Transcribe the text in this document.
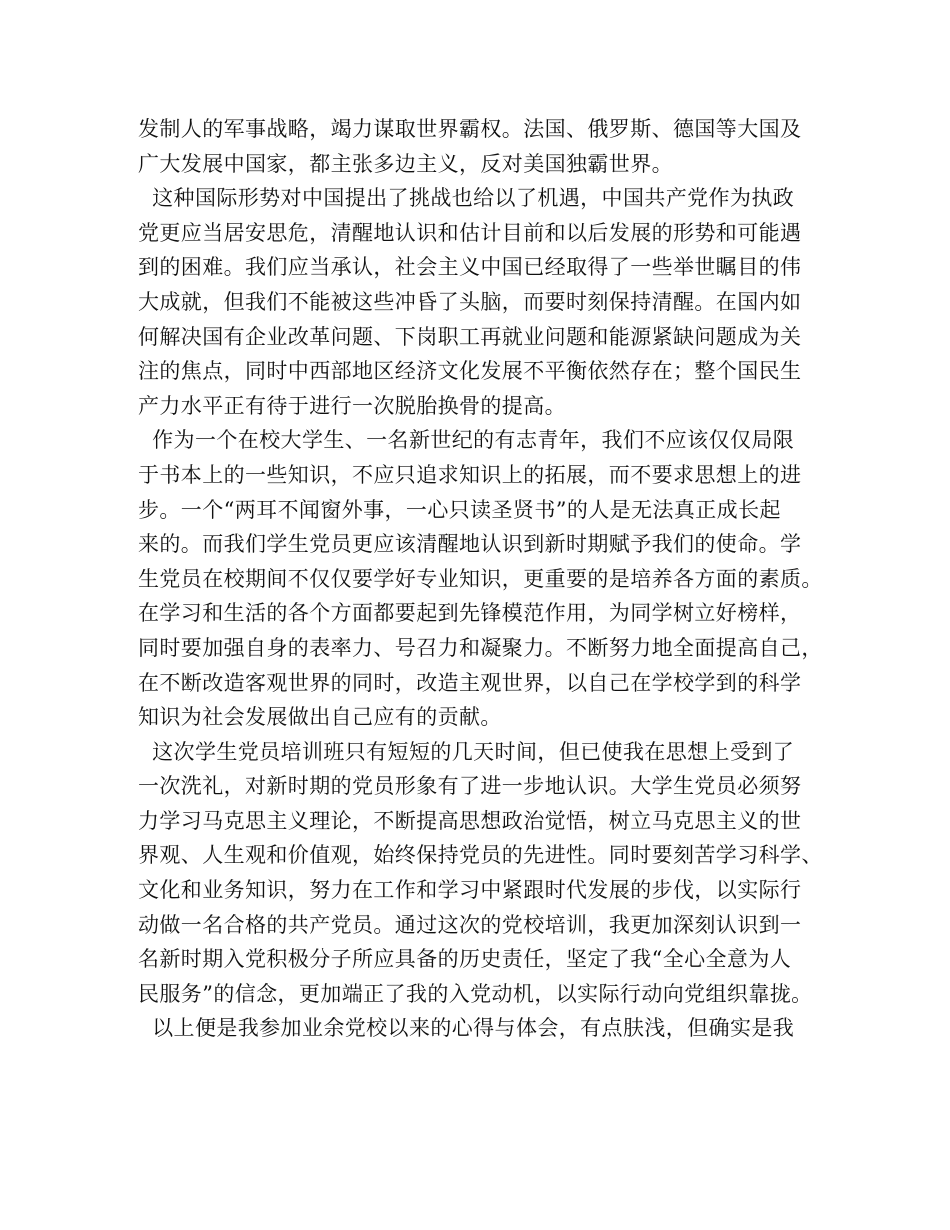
发制人的军事战略，竭力谋取世界霸权。法国、俄罗斯、德国等大国及
广大发展中国家，都主张多边主义，反对美国独霸世界。
这种国际形势对中国提出了挑战也给以了机遇，中国共产党作为执政
党更应当居安思危，清醒地认识和估计目前和以后发展的形势和可能遇
到的困难。我们应当承认，社会主义中国已经取得了一些举世瞩目的伟
大成就，但我们不能被这些冲昏了头脑，而要时刻保持清醒。在国内如
何解决国有企业改革问题、下岗职工再就业问题和能源紧缺问题成为关
注的焦点，同时中西部地区经济文化发展不平衡依然存在；整个国民生
产力水平正有待于进行一次脱胎换骨的提高。
作为一个在校大学生、一名新世纪的有志青年，我们不应该仅仅局限
于书本上的一些知识，不应只追求知识上的拓展，而不要求思想上的进
步。一个“两耳不闻窗外事，一心只读圣贤书”的人是无法真正成长起
来的。而我们学生党员更应该清醒地认识到新时期赋予我们的使命。学
生党员在校期间不仅仅要学好专业知识，更重要的是培养各方面的素质。
在学习和生活的各个方面都要起到先锋模范作用，为同学树立好榜样，
同时要加强自身的表率力、号召力和凝聚力。不断努力地全面提高自己，
在不断改造客观世界的同时，改造主观世界，以自己在学校学到的科学
知识为社会发展做出自己应有的贡献。
这次学生党员培训班只有短短的几天时间，但已使我在思想上受到了
一次洗礼，对新时期的党员形象有了进一步地认识。大学生党员必须努
力学习马克思主义理论，不断提高思想政治觉悟，树立马克思主义的世
界观、人生观和价值观，始终保持党员的先进性。同时要刻苦学习科学、
文化和业务知识，努力在工作和学习中紧跟时代发展的步伐，以实际行
动做一名合格的共产党员。通过这次的党校培训，我更加深刻认识到一
名新时期入党积极分子所应具备的历史责任，坚定了我“全心全意为人
民服务”的信念，更加端正了我的入党动机，以实际行动向党组织靠拢。
以上便是我参加业余党校以来的心得与体会，有点肤浅，但确实是我
